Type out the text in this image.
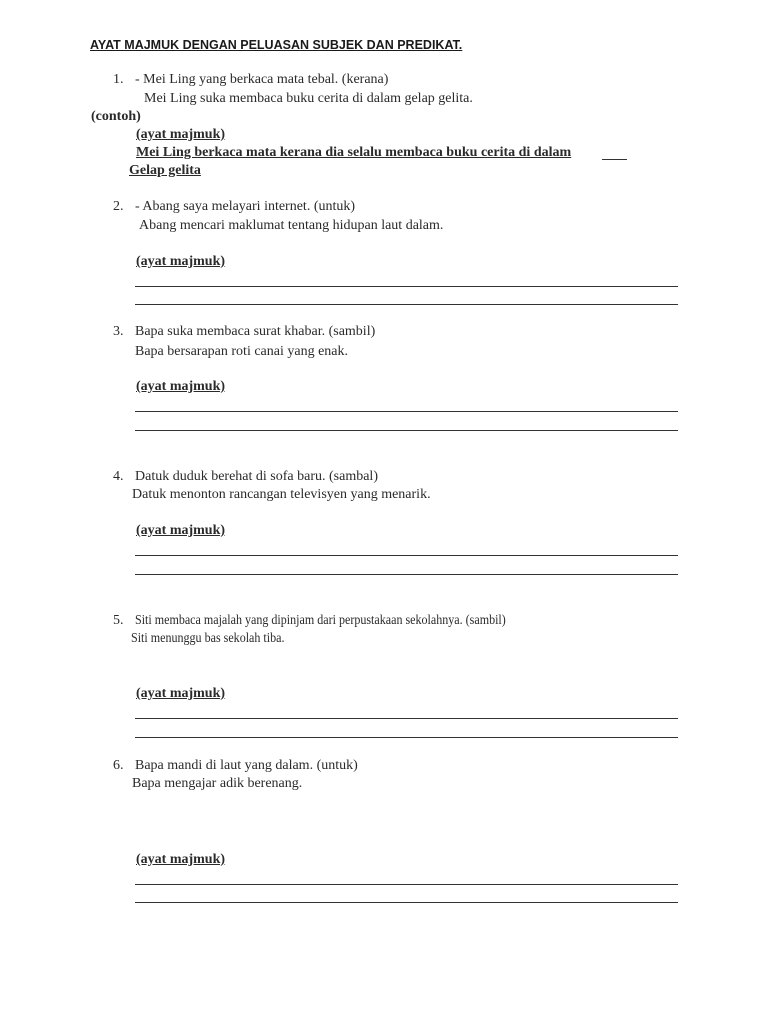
AYAT MAJMUK DENGAN PELUASAN SUBJEK DAN PREDIKAT.
1. - Mei Ling yang berkaca mata tebal. (kerana)
Mei Ling suka membaca buku cerita di dalam gelap gelita.
(contoh)
(ayat majmuk)
Mei Ling berkaca mata kerana dia selalu membaca buku cerita di dalam
Gelap gelita
2. - Abang saya melayari internet. (untuk)
Abang mencari maklumat tentang hidupan laut dalam.
(ayat majmuk)
3. Bapa suka membaca surat khabar. (sambil)
Bapa bersarapan roti canai yang enak.
(ayat majmuk)
4. Datuk duduk berehat di sofa baru. (sambal)
Datuk menonton rancangan televisyen yang menarik.
(ayat majmuk)
5. Siti membaca majalah yang dipinjam dari perpustakaan sekolahnya. (sambil)
Siti menunggu bas sekolah tiba.
(ayat majmuk)
6. Bapa mandi di laut yang dalam. (untuk)
Bapa mengajar adik berenang.
(ayat majmuk)
